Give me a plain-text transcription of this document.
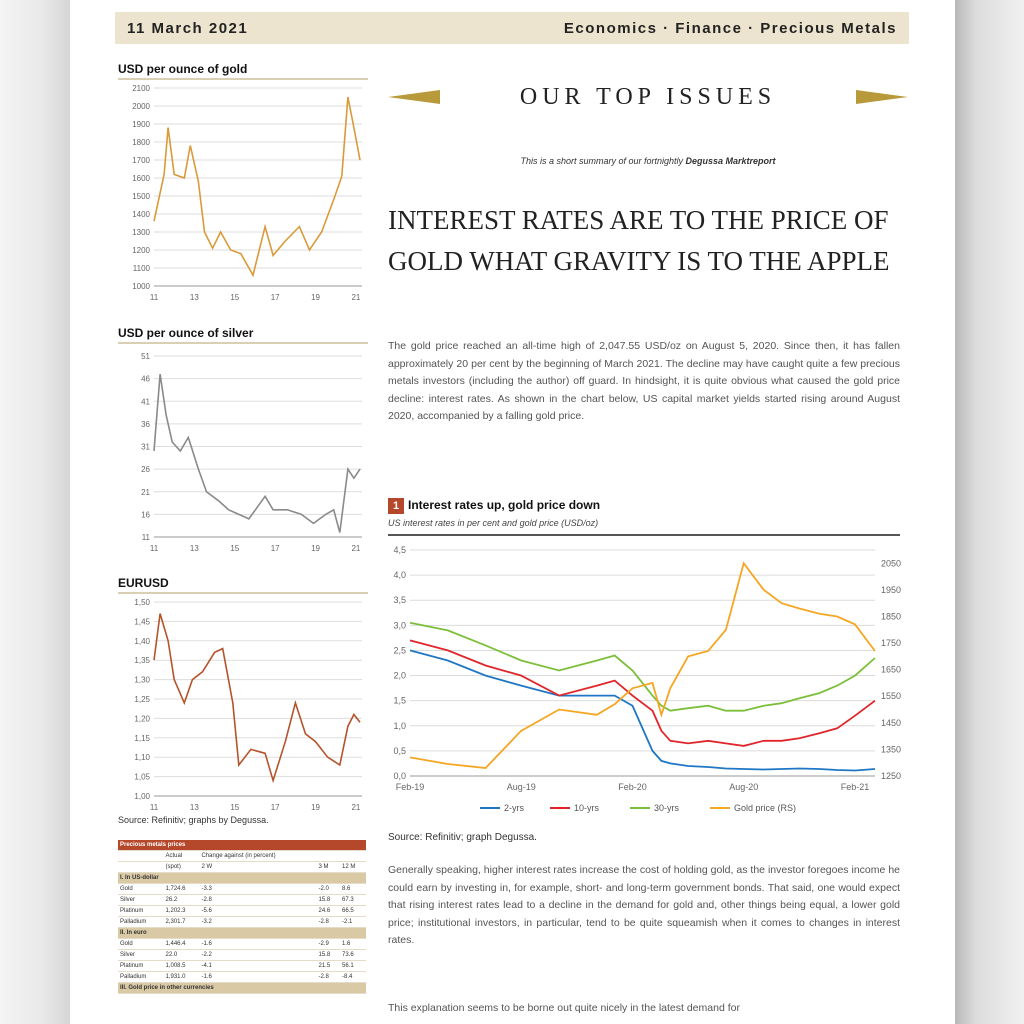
11 March 2021	Economics · Finance · Precious Metals
USD per ounce of gold
1000
1100
1200
1300
1400
1500
1600
1700
1800
1900
2000
2100
11	13	15	17	19	21
USD per ounce of silver
11
16
21
26
31
36
41
46
51
11	13	15	17	19	21
EURUSD
1,00
1,05
1,10
1,15
1,20
1,25
1,30
1,35
1,40
1,45
1,50
11	13	15	17	19	21
Source: Refinitiv; graphs by Degussa.
Precious metals prices				
	Actual	Change against (in percent)		
	(spot)	2 W	3 M	12 M
I. In US-dollar				
Gold	1,724.6	-3.3	-2.0	8.6
Silver	26.2	-2.8	15.8	67.3
Platinum	1,202.3	-5.6	24.6	66.5
Palladium	2,301.7	-3.2	-2.8	-2.1
II. In euro				
Gold	1,446.4	-1.6	-2.9	1.6
Silver	22.0	-2.2	15.8	73.6
Platinum	1,008.5	-4.1	21.5	56.1
Palladium	1,931.0	-1.6	-2.8	-8.4
III. Gold price in other currencies				
OUR TOP ISSUES
This is a short summary of our fortnightly Degussa Marktreport
INTEREST RATES ARE TO THE PRICE OF GOLD WHAT GRAVITY IS TO THE APPLE
The gold price reached an all-time high of 2,047.55 USD/oz on August 5, 2020. Since then, it has fallen approximately 20 per cent by the beginning of March 2021. The decline may have caught quite a few precious metals investors (including the author) off guard. In hindsight, it is quite obvious what caused the gold price decline: interest rates. As shown in the chart below, US capital market yields started rising around August 2020, accompanied by a falling gold price.
1 Interest rates up, gold price down
US interest rates in per cent and gold price (USD/oz)
0,0
0,5
1,0
1,5
2,0
2,5
3,0
3,5
4,0
4,5
1250
1350
1450
1550
1650
1750
1850
1950
2050
Feb-19	Aug-19	Feb-20	Aug-20	Feb-21
2-yrs	10-yrs	30-yrs	Gold price (RS)
Source: Refinitiv; graph Degussa.
Generally speaking, higher interest rates increase the cost of holding gold, as the investor foregoes income he could earn by investing in, for example, short- and long-term government bonds. That said, one would expect that rising interest rates lead to a decline in the demand for gold and, other things being equal, a lower gold price; institutional investors, in particular, tend to be quite squeamish when it comes to changes in interest rates.
This explanation seems to be borne out quite nicely in the latest demand for
